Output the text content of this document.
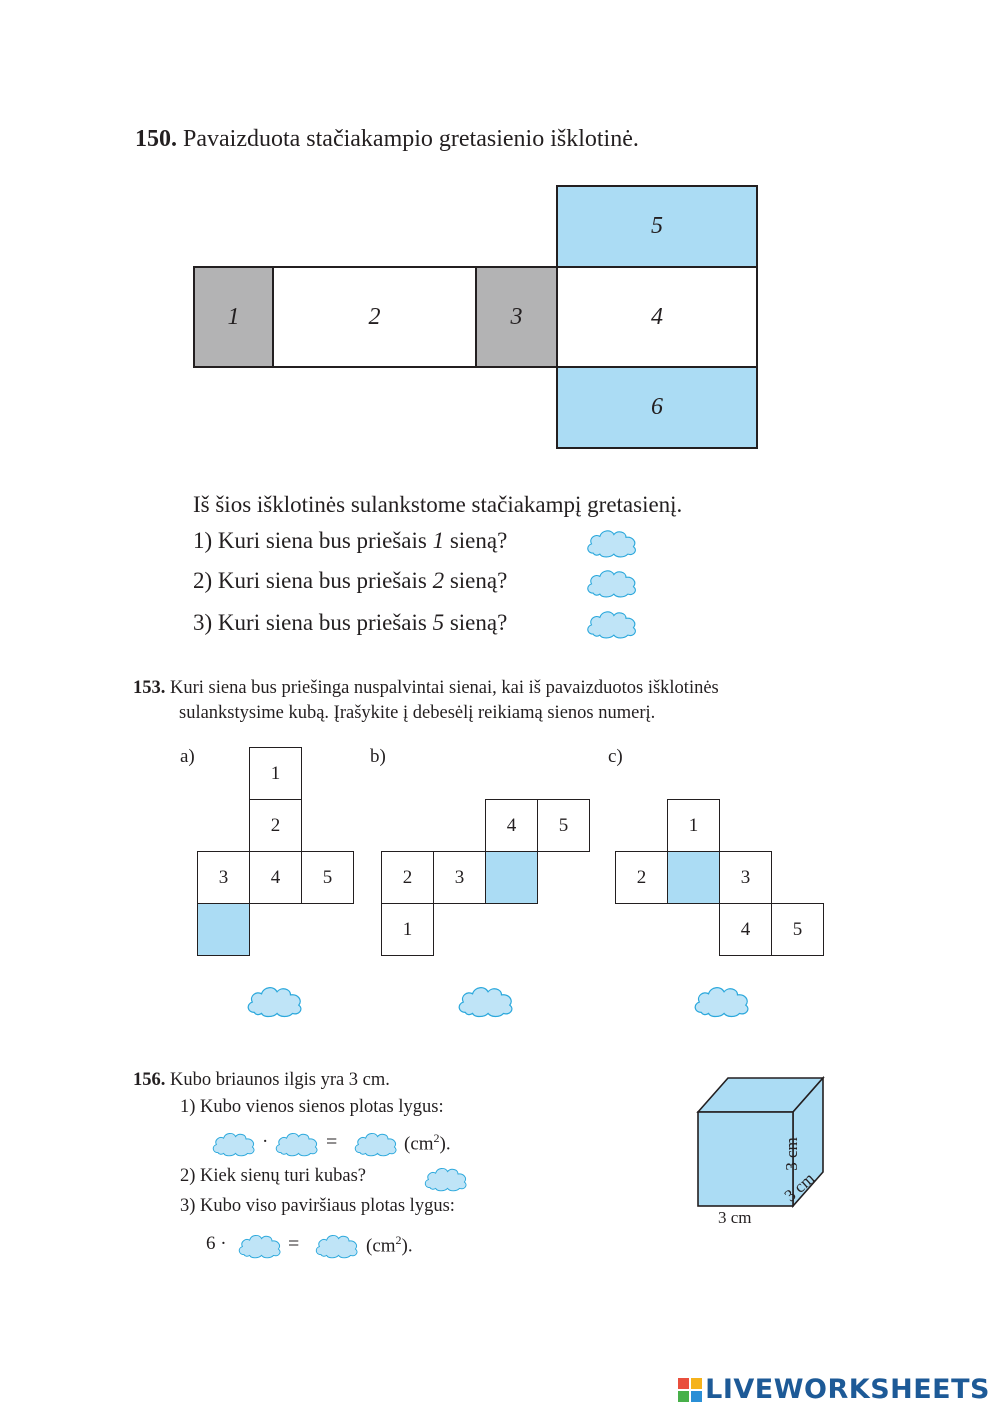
150. Pavaizduota stačiakampio gretasienio išklotinė.
1	2	3	4
5
6
Iš šios išklotinės sulankstome stačiakampį gretasienį.
1) Kuri siena bus priešais 1 sieną?
2) Kuri siena bus priešais 2 sieną?
3) Kuri siena bus priešais 5 sieną?
153. Kuri siena bus priešinga nuspalvintai sienai, kai iš pavaizduotos išklotinės
sulankstysime kubą. Įrašykite į debesėlį reikiamą sienos numerį.
a)
1
2
3	4	5
b)
4	5
2	3
1
c)
1
2	3
4	5
156. Kubo briaunos ilgis yra 3 cm.
1) Kubo vienos sienos plotas lygus:
·	=	$(cm^2)$.
2) Kiek sienų turi kubas?
3) Kubo viso paviršiaus plotas lygus:
6 ·	=	$(cm^2)$.
3 cm
3 cm
3 cm
LIVEWORKSHEETS
